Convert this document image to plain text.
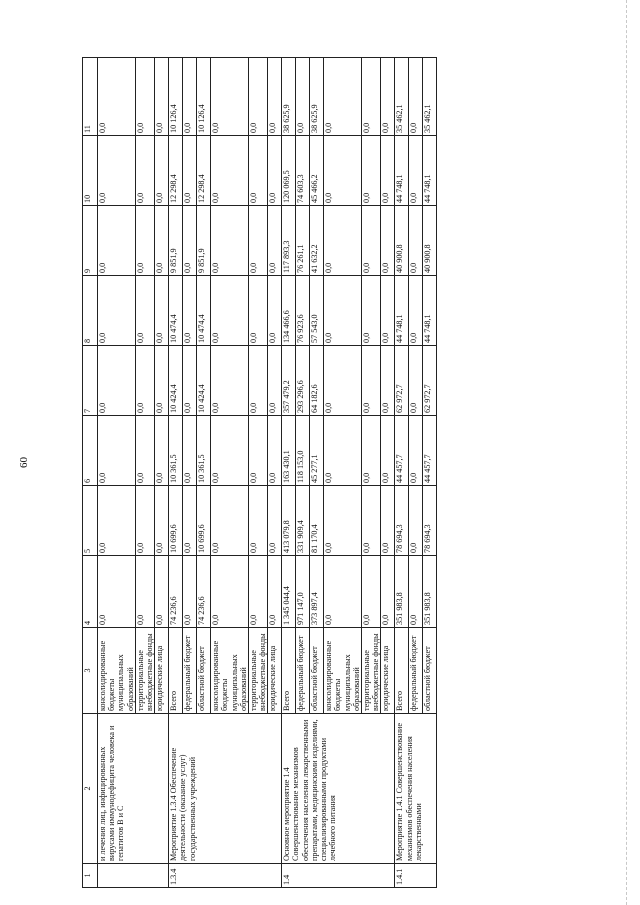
60
1	2	3	4	5	6	7	8	9	10	11
	и лечения лиц, инфицированных вирусами иммунодефицита человека и гепатитов B и C	консолидированные бюджеты муниципальных образований	0,0	0,0	0,0	0,0	0,0	0,0	0,0	0,0
		территориальные внебюджетные фонды	0,0	0,0	0,0	0,0	0,0	0,0	0,0	0,0
		юридические лица	0,0	0,0	0,0	0,0	0,0	0,0	0,0	0,0
1.3.4	Мероприятие 1.3.4 Обеспечение деятельности (оказание услуг) государственных учреждений	Всего	74 236,6	10 699,6	10 361,5	10 424,4	10 474,4	9 851,9	12 298,4	10 126,4
		федеральный бюджет	0,0	0,0	0,0	0,0	0,0	0,0	0,0	0,0
		областной бюджет	74 236,6	10 699,6	10 361,5	10 424,4	10 474,4	9 851,9	12 298,4	10 126,4
		консолидированные бюджеты муниципальных образований	0,0	0,0	0,0	0,0	0,0	0,0	0,0	0,0
		территориальные внебюджетные фонды	0,0	0,0	0,0	0,0	0,0	0,0	0,0	0,0
		юридические лица	0,0	0,0	0,0	0,0	0,0	0,0	0,0	0,0
1.4	Основное мероприятие 1.4 Совершенствование механизмов обеспечения населения лекарственными препаратами, медицинскими изделиями, специализированными продуктами лечебного питания	Всего	1 345 044,4	413 079,8	163 430,1	357 479,2	134 466,6	117 893,3	120 069,5	38 625,9
		федеральный бюджет	971 147,0	331 909,4	118 153,0	293 296,6	76 923,6	76 261,1	74 603,3	0,0
		областной бюджет	373 897,4	81 170,4	45 277,1	64 182,6	57 543,0	41 632,2	45 466,2	38 625,9
		консолидированные бюджеты муниципальных образований	0,0	0,0	0,0	0,0	0,0	0,0	0,0	0,0
		территориальные внебюджетные фонды	0,0	0,0	0,0	0,0	0,0	0,0	0,0	0,0
		юридические лица	0,0	0,0	0,0	0,0	0,0	0,0	0,0	0,0
1.4.1	Мероприятие 1.4.1 Совершенствование механизмов обеспечения населения лекарственными	Всего	351 983,8	78 694,3	44 457,7	62 972,7	44 748,1	40 900,8	44 748,1	35 462,1
		федеральный бюджет	0,0	0,0	0,0	0,0	0,0	0,0	0,0	0,0
		областной бюджет	351 983,8	78 694,3	44 457,7	62 972,7	44 748,1	40 900,8	44 748,1	35 462,1
